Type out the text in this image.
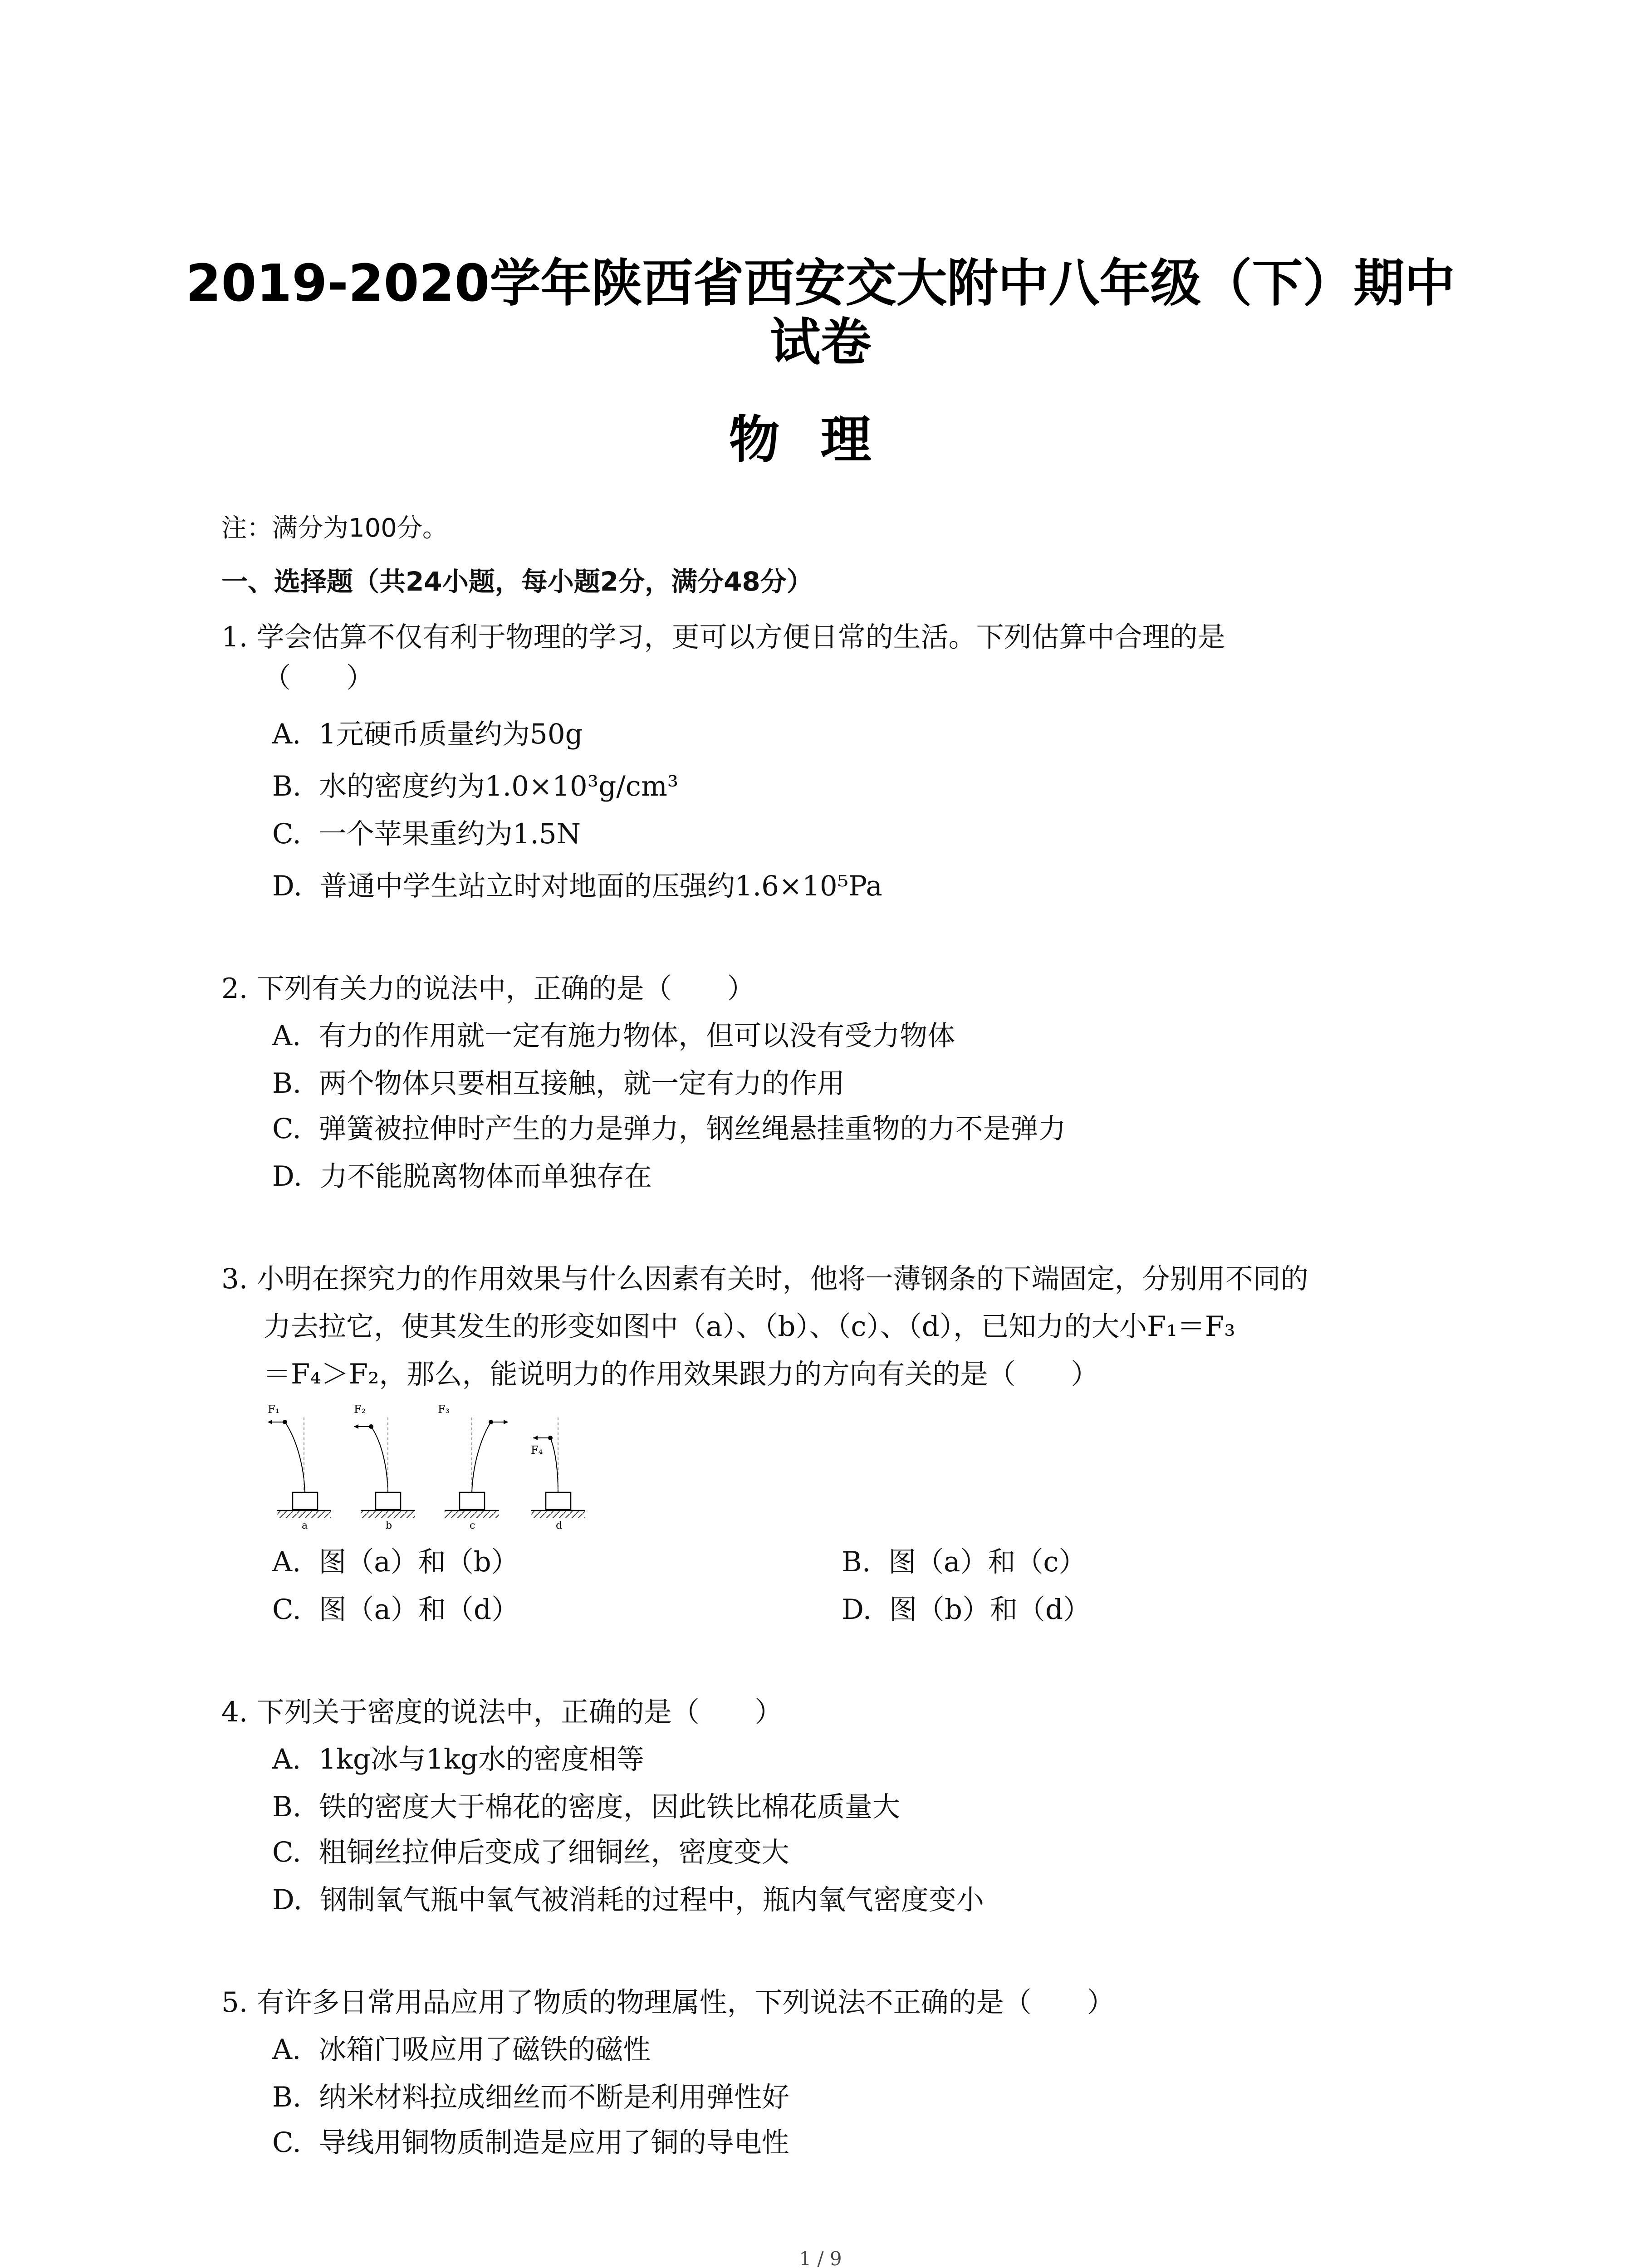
2019-2020学年陕西省西安交大附中八年级（下）期中
试卷
物理
注：满分为100分。
一、选择题（共24小题，每小题2分，满分48分）
1. 学会估算不仅有利于物理的学习，更可以方便日常的生活。下列估算中合理的是
（　　）
A. 1元硬币质量约为50g
B. 水的密度约为1.0×10³g/cm³
C. 一个苹果重约为1.5N
D. 普通中学生站立时对地面的压强约1.6×10⁵Pa
2. 下列有关力的说法中，正确的是（　　）
A. 有力的作用就一定有施力物体，但可以没有受力物体
B. 两个物体只要相互接触，就一定有力的作用
C. 弹簧被拉伸时产生的力是弹力，钢丝绳悬挂重物的力不是弹力
D. 力不能脱离物体而单独存在
3. 小明在探究力的作用效果与什么因素有关时，他将一薄钢条的下端固定，分别用不同的
力去拉它，使其发生的形变如图中（a）、（b）、（c）、（d），已知力的大小F₁＝F₃
＝F₄＞F₂，那么，能说明力的作用效果跟力的方向有关的是（　　）
F₁
a
F₂
b
F₃
c
F₄
d
A. 图（a）和（b）	B. 图（a）和（c）
C. 图（a）和（d）	D. 图（b）和（d）
4. 下列关于密度的说法中，正确的是（　　）
A. 1kg冰与1kg水的密度相等
B. 铁的密度大于棉花的密度，因此铁比棉花质量大
C. 粗铜丝拉伸后变成了细铜丝，密度变大
D. 钢制氧气瓶中氧气被消耗的过程中，瓶内氧气密度变小
5. 有许多日常用品应用了物质的物理属性，下列说法不正确的是（　　）
A. 冰箱门吸应用了磁铁的磁性
B. 纳米材料拉成细丝而不断是利用弹性好
C. 导线用铜物质制造是应用了铜的导电性
1 / 9
